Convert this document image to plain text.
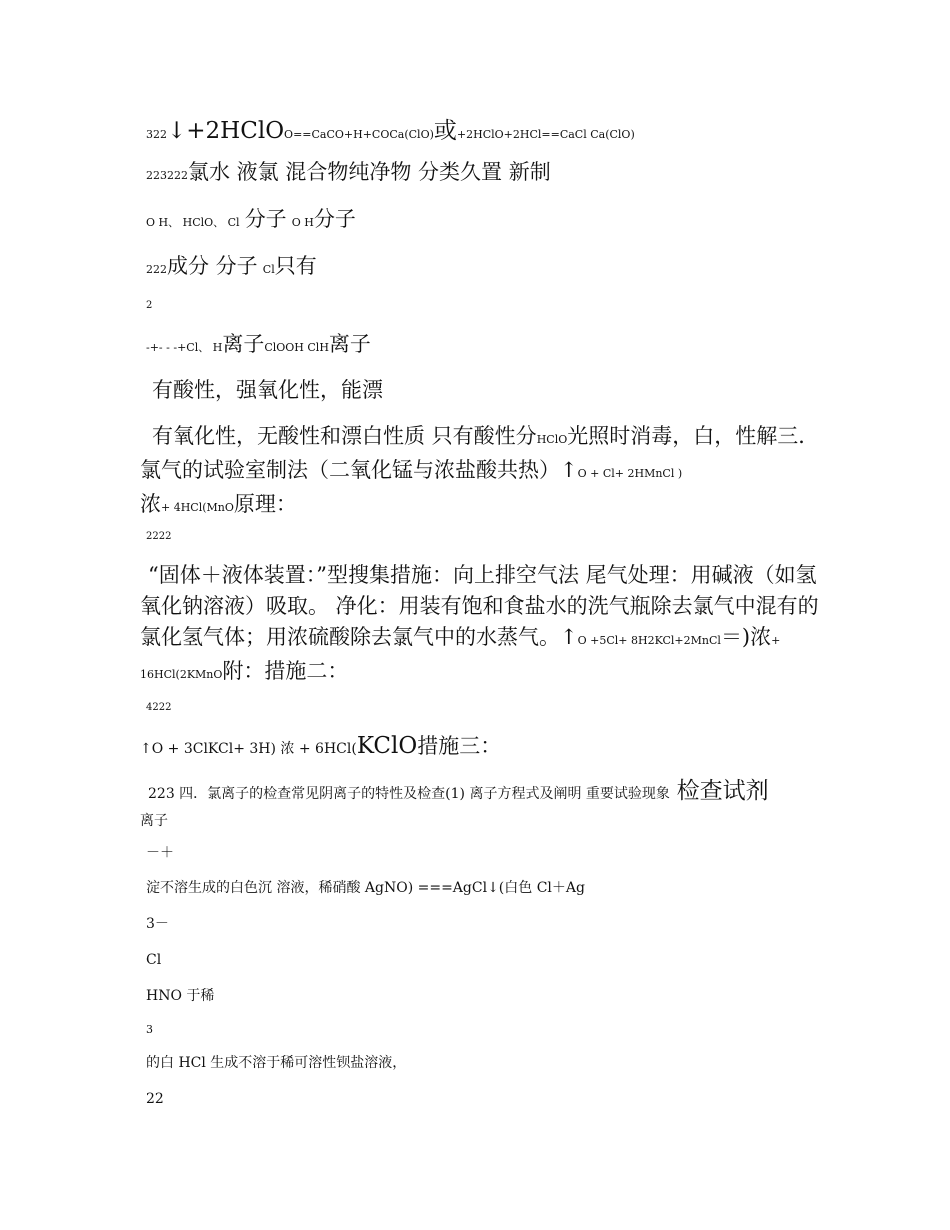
322↓+2HClOO==CaCO+H+COCa(ClO)或+2HClO+2HCl==CaCl Ca(ClO)
223222氯水 液氯 混合物纯净物 分类久置 新制
O H、 HClO、 Cl 分子 O H分子
222成分 分子 Cl只有
2
-+- - -+Cl、 H离子ClOOH ClH离子
有酸性，强氧化性，能漂
有氧化性，无酸性和漂白性质 只有酸性分HClO光照时消毒，白，性解三．氯气的试验室制法（二氧化锰与浓盐酸共热）↑O + Cl+ 2HMnCl )
浓+ 4HCl(MnO原理：
2222
“固体＋液体装置：”型搜集措施：向上排空气法 尾气处理：用碱液（如氢氧化钠溶液）吸取。 净化：用装有饱和食盐水的洗气瓶除去氯气中混有的氯化氢气体；用浓硫酸除去氯气中的水蒸气。↑O +5Cl+ 8H2KCl+2MnCl＝)浓+ 16HCl(2KMnO附：措施二：
4222
↑O + 3ClKCl+ 3H) 浓 + 6HCl(KClO措施三：
223 四．氯离子的检查常见阴离子的特性及检查(1) 离子方程式及阐明 重要试验现象 检查试剂
离子
－＋
淀不溶生成的白色沉 溶液，稀硝酸 AgNO) ===AgCl↓(白色 Cl＋Ag
3－
Cl
HNO 于稀
3
的白 HCl 生成不溶于稀可溶性钡盐溶液，
22
